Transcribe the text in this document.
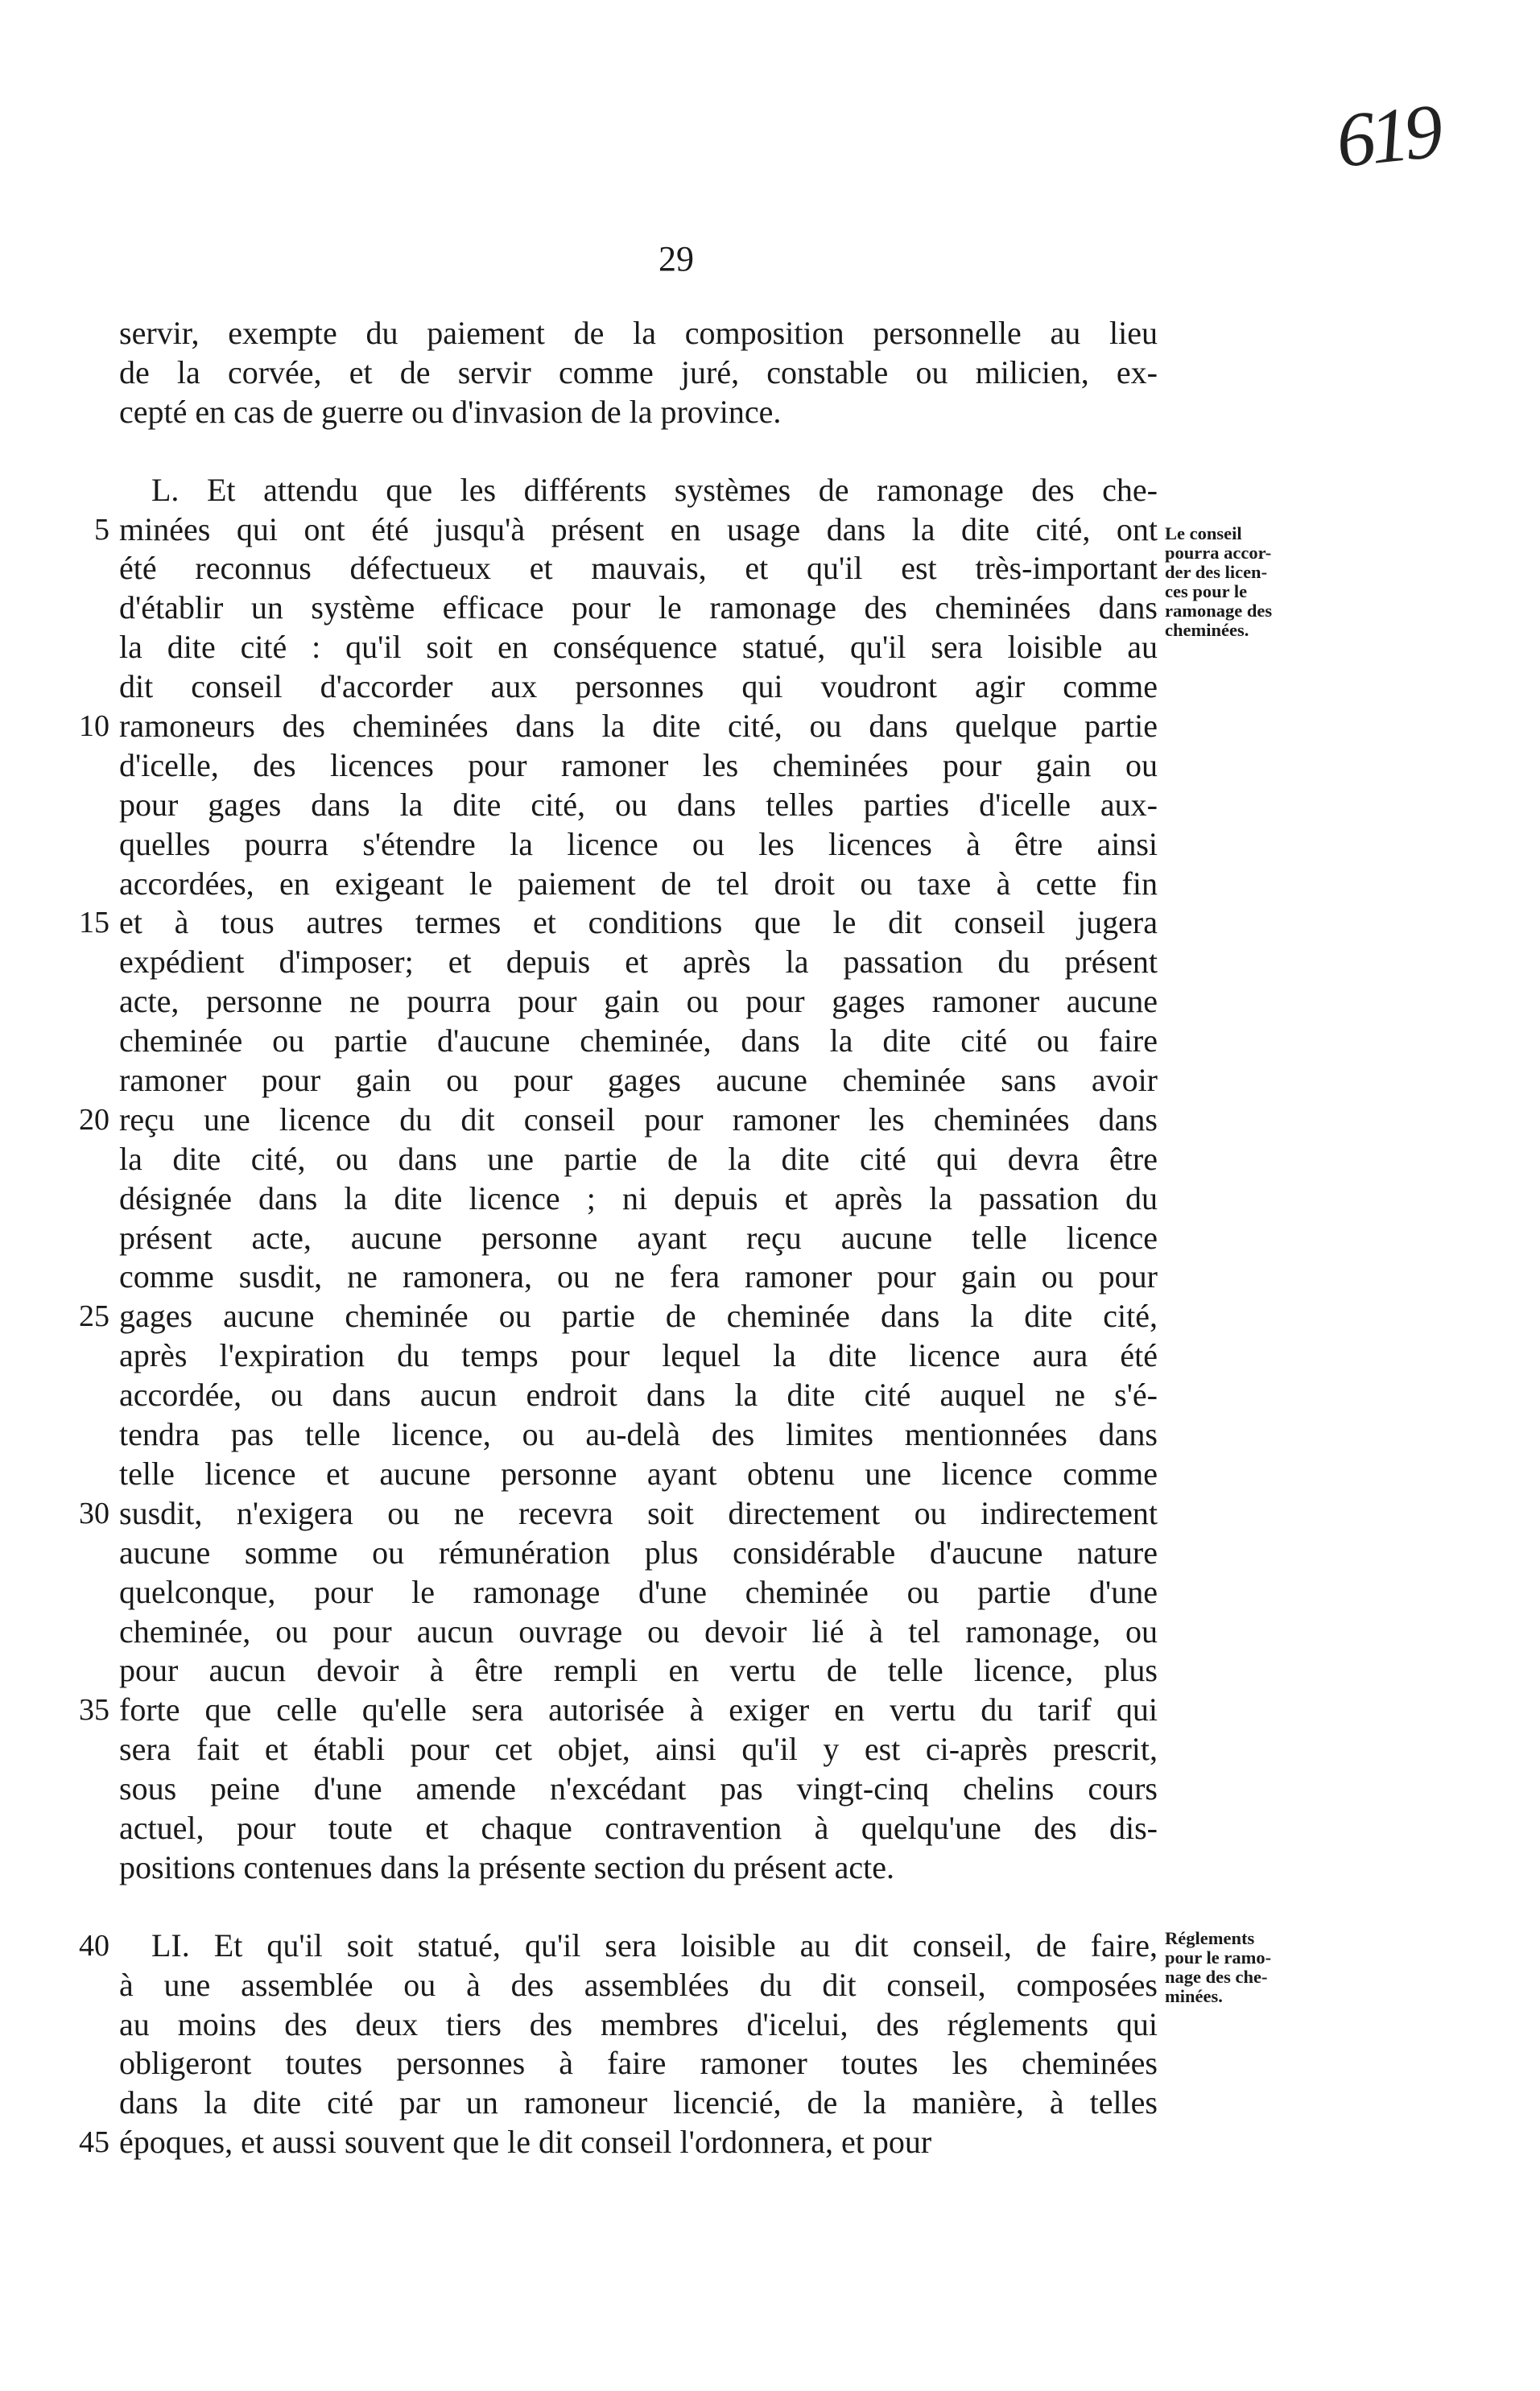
619
29
servir, exempte du paiement de la composition personnelle au lieu
de la corvée, et de servir comme juré, constable ou milicien, ex-
cepté en cas de guerre ou d'invasion de la province.
L. Et attendu que les différents systèmes de ramonage des che-
5 minées qui ont été jusqu'à présent en usage dans la dite cité, ont
été reconnus défectueux et mauvais, et qu'il est très-important
d'établir un système efficace pour le ramonage des cheminées dans
la dite cité : qu'il soit en conséquence statué, qu'il sera loisible au
dit conseil d'accorder aux personnes qui voudront agir comme
10 ramoneurs des cheminées dans la dite cité, ou dans quelque partie
d'icelle, des licences pour ramoner les cheminées pour gain ou
pour gages dans la dite cité, ou dans telles parties d'icelle aux-
quelles pourra s'étendre la licence ou les licences à être ainsi
accordées, en exigeant le paiement de tel droit ou taxe à cette fin
15 et à tous autres termes et conditions que le dit conseil jugera
expédient d'imposer; et depuis et après la passation du présent
acte, personne ne pourra pour gain ou pour gages ramoner aucune
cheminée ou partie d'aucune cheminée, dans la dite cité ou faire
ramoner pour gain ou pour gages aucune cheminée sans avoir
20 reçu une licence du dit conseil pour ramoner les cheminées dans
la dite cité, ou dans une partie de la dite cité qui devra être
désignée dans la dite licence ; ni depuis et après la passation du
présent acte, aucune personne ayant reçu aucune telle licence
comme susdit, ne ramonera, ou ne fera ramoner pour gain ou pour
25 gages aucune cheminée ou partie de cheminée dans la dite cité,
après l'expiration du temps pour lequel la dite licence aura été
accordée, ou dans aucun endroit dans la dite cité auquel ne s'é-
tendra pas telle licence, ou au-delà des limites mentionnées dans
telle licence et aucune personne ayant obtenu une licence comme
30 susdit, n'exigera ou ne recevra soit directement ou indirectement
aucune somme ou rémunération plus considérable d'aucune nature
quelconque, pour le ramonage d'une cheminée ou partie d'une
cheminée, ou pour aucun ouvrage ou devoir lié à tel ramonage, ou
pour aucun devoir à être rempli en vertu de telle licence, plus
35 forte que celle qu'elle sera autorisée à exiger en vertu du tarif qui
sera fait et établi pour cet objet, ainsi qu'il y est ci-après prescrit,
sous peine d'une amende n'excédant pas vingt-cinq chelins cours
actuel, pour toute et chaque contravention à quelqu'une des dis-
positions contenues dans la présente section du présent acte.
40	LI. Et qu'il soit statué, qu'il sera loisible au dit conseil, de faire,
à une assemblée ou à des assemblées du dit conseil, composées
au moins des deux tiers des membres d'icelui, des réglements qui
obligeront toutes personnes à faire ramoner toutes les cheminées
dans la dite cité par un ramoneur licencié, de la manière, à telles
45 époques, et aussi souvent que le dit conseil l'ordonnera, et pour
Le conseil
pourra accor-
der des licen-
ces pour le
ramonage des
cheminées.
Réglements
pour le ramo-
nage des che-
minées.
